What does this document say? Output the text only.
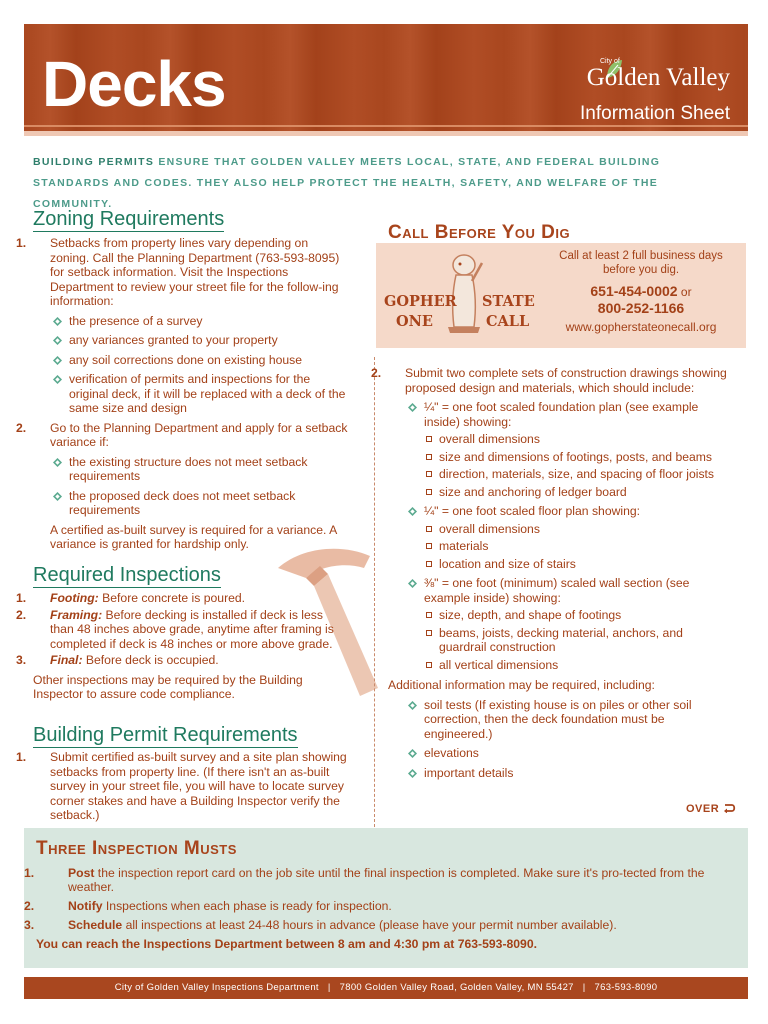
Decks	City of
Golden Valley
Information Sheet
BUILDING PERMITS ENSURE THAT GOLDEN VALLEY MEETS LOCAL, STATE, AND FEDERAL BUILDING STANDARDS AND CODES. THEY ALSO HELP PROTECT THE HEALTH, SAFETY, AND WELFARE OF THE COMMUNITY.
Zoning Requirements
1. Setbacks from property lines vary depending on zoning. Call the Planning Department (763-593-8095) for setback information. Visit the Inspections Department to review your street file for the follow-ing information:
the presence of a survey
any variances granted to your property
any soil corrections done on existing house
verification of permits and inspections for the original deck, if it will be replaced with a deck of the same size and design
2. Go to the Planning Department and apply for a setback variance if:
the existing structure does not meet setback requirements
the proposed deck does not meet setback requirements
A certified as-built survey is required for a variance. A variance is granted for hardship only.
Required Inspections
1. Footing: Before concrete is poured.
2. Framing: Before decking is installed if deck is less than 48 inches above grade, anytime after framing is completed if deck is 48 inches or more above grade.
3. Final: Before deck is occupied.
Other inspections may be required by the Building Inspector to assure code compliance.
Building Permit Requirements
1. Submit certified as-built survey and a site plan showing setbacks from property line. (If there isn't an as-built survey in your street file, you will have to locate survey corner stakes and have a Building Inspector verify the setback.)
Call Before You Dig
GOPHER STATE
ONE	CALL
Call at least 2 full business days before you dig.
651-454-0002 or
800-252-1166
www.gopherstateonecall.org
2. Submit two complete sets of construction drawings showing proposed design and materials, which should include:
¼" = one foot scaled foundation plan (see example inside) showing:
overall dimensions
size and dimensions of footings, posts, and beams
direction, materials, size, and spacing of floor joists
size and anchoring of ledger board
¼" = one foot scaled floor plan showing:
overall dimensions
materials
location and size of stairs
⅜" = one foot (minimum) scaled wall section (see example inside) showing:
size, depth, and shape of footings
beams, joists, decking material, anchors, and guardrail construction
all vertical dimensions
Additional information may be required, including:
soil tests (If existing house is on piles or other soil correction, then the deck foundation must be engineered.)
elevations
important details
OVER
Three Inspection Musts
1.	Post the inspection report card on the job site until the final inspection is completed. Make sure it's pro-tected from the weather.
2.	Notify Inspections when each phase is ready for inspection.
3.	Schedule all inspections at least 24-48 hours in advance (please have your permit number available).
You can reach the Inspections Department between 8 am and 4:30 pm at 763-593-8090.
City of Golden Valley Inspections Department | 7800 Golden Valley Road, Golden Valley, MN 55427 | 763-593-8090
